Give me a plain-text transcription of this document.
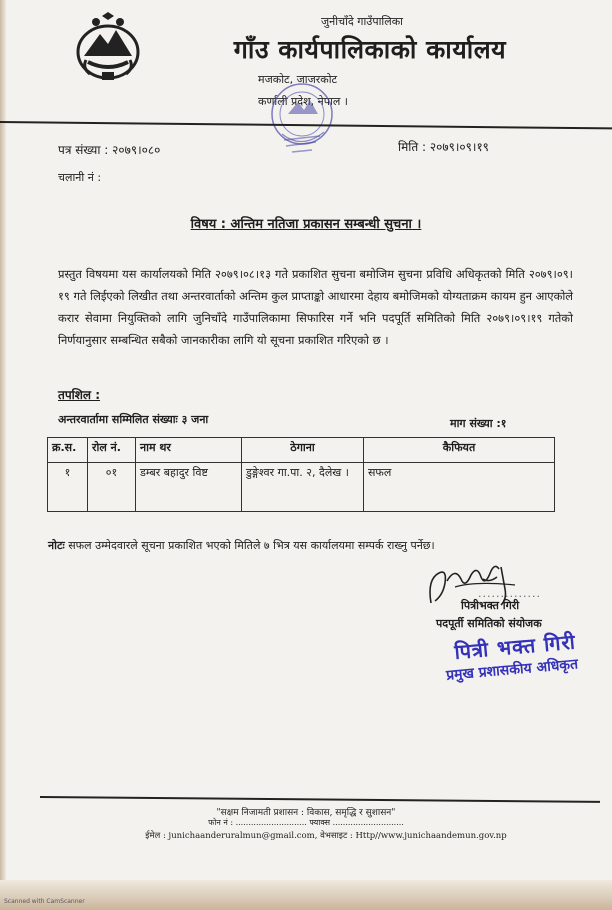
जुनीचाँदे गाउँपालिका
गाँउ कार्यपालिकाको कार्यालय
मजकोट, जाजरकोट
कर्णाली प्रदेश, नेपाल ।
पत्र संख्या : २०७९।०८०	मिति : २०७९।०९।१९
चलानी नं :
विषय : अन्तिम नतिजा प्रकासन सम्बन्धी सुचना ।
प्रस्तुत विषयमा यस कार्यालयको मिति २०७९।०८।१३ गते प्रकाशित सुचना बमोजिम सुचना प्रविधि अधिकृतको मिति २०७९।०९।१९ गते लिईएको लिखीत तथा अन्तरवार्ताको अन्तिम कुल प्राप्ताङ्को आधारमा देहाय बमोजिमको योग्यताक्रम कायम हुन आएकोले करार सेवामा नियुक्तिको लागि जुनिचाँदे गाउँपालिकामा सिफारिस गर्ने भनि पदपूर्ति समितिको मिति २०७९।०९।१९ गतेको निर्णयानुसार सम्बन्धित सबैको जानकारीका लागि यो सूचना प्रकाशित गरिएको छ ।
तपशिल :
अन्तरवार्तामा सम्मिलित संख्याः ३ जना	माग संख्या :१
क्र.स.	रोल नं.	नाम थर	ठेगाना	कैफियत
१	०१	डम्बर बहादुर विष्ट	डुङ्गेश्वर गा.पा. २, दैलेख ।	सफल
नोटः सफल उम्मेदवारले सूचना प्रकाशित भएको मितिले ७ भित्र यस कार्यालयमा सम्पर्क राख्नु पर्नेछ।
..............
पित्रीभक्त गिरी
पदपूर्ती समितिको संयोजक
पित्री भक्त गिरी
प्रमुख प्रशासकीय अधिकृत
"सक्षम निजामती प्रशासन : विकास, समृद्धि र सुशासन"
फोन नं : ............................ फ्याक्स ............................
ईमेल : junichaanderuralmun@gmail.com, वेभसाइट : Http//www.junichaandemun.gov.np
Scanned with CamScanner
